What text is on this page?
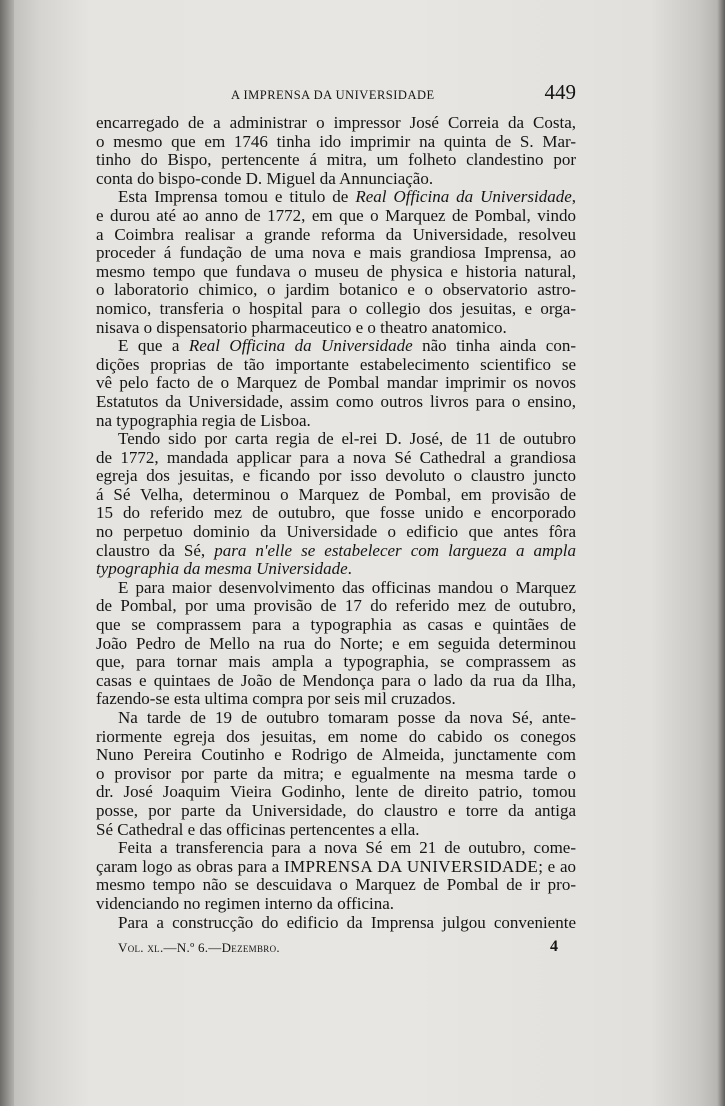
A IMPRENSA DA UNIVERSIDADE	449
encarregado de a administrar o impressor José Correia da Costa,
o mesmo que em 1746 tinha ido imprimir na quinta de S. Mar-
tinho do Bispo, pertencente á mitra, um folheto clandestino por
conta do bispo-conde D. Miguel da Annunciação.
Esta Imprensa tomou e titulo de Real Officina da Universidade,
e durou até ao anno de 1772, em que o Marquez de Pombal, vindo
a Coimbra realisar a grande reforma da Universidade, resolveu
proceder á fundação de uma nova e mais grandiosa Imprensa, ao
mesmo tempo que fundava o museu de physica e historia natural,
o laboratorio chimico, o jardim botanico e o observatorio astro-
nomico, transferia o hospital para o collegio dos jesuitas, e orga-
nisava o dispensatorio pharmaceutico e o theatro anatomico.
E que a Real Officina da Universidade não tinha ainda con-
dições proprias de tão importante estabelecimento scientifico se
vê pelo facto de o Marquez de Pombal mandar imprimir os novos
Estatutos da Universidade, assim como outros livros para o ensino,
na typographia regia de Lisboa.
Tendo sido por carta regia de el-rei D. José, de 11 de outubro
de 1772, mandada applicar para a nova Sé Cathedral a grandiosa
egreja dos jesuitas, e ficando por isso devoluto o claustro juncto
á Sé Velha, determinou o Marquez de Pombal, em provisão de
15 do referido mez de outubro, que fosse unido e encorporado
no perpetuo dominio da Universidade o edificio que antes fôra
claustro da Sé, para n'elle se estabelecer com largueza a ampla
typographia da mesma Universidade.
E para maior desenvolvimento das officinas mandou o Marquez
de Pombal, por uma provisão de 17 do referido mez de outubro,
que se comprassem para a typographia as casas e quintães de
João Pedro de Mello na rua do Norte; e em seguida determinou
que, para tornar mais ampla a typographia, se comprassem as
casas e quintaes de João de Mendonça para o lado da rua da Ilha,
fazendo-se esta ultima compra por seis mil cruzados.
Na tarde de 19 de outubro tomaram posse da nova Sé, ante-
riormente egreja dos jesuitas, em nome do cabido os conegos
Nuno Pereira Coutinho e Rodrigo de Almeida, junctamente com
o provisor por parte da mitra; e egualmente na mesma tarde o
dr. José Joaquim Vieira Godinho, lente de direito patrio, tomou
posse, por parte da Universidade, do claustro e torre da antiga
Sé Cathedral e das officinas pertencentes a ella.
Feita a transferencia para a nova Sé em 21 de outubro, come-
çaram logo as obras para a IMPRENSA DA UNIVERSIDADE; e ao
mesmo tempo não se descuidava o Marquez de Pombal de ir pro-
videnciando no regimen interno da officina.
Para a construcção do edificio da Imprensa julgou conveniente
Vol. xl.—N.º 6.—Dezembro.	4
